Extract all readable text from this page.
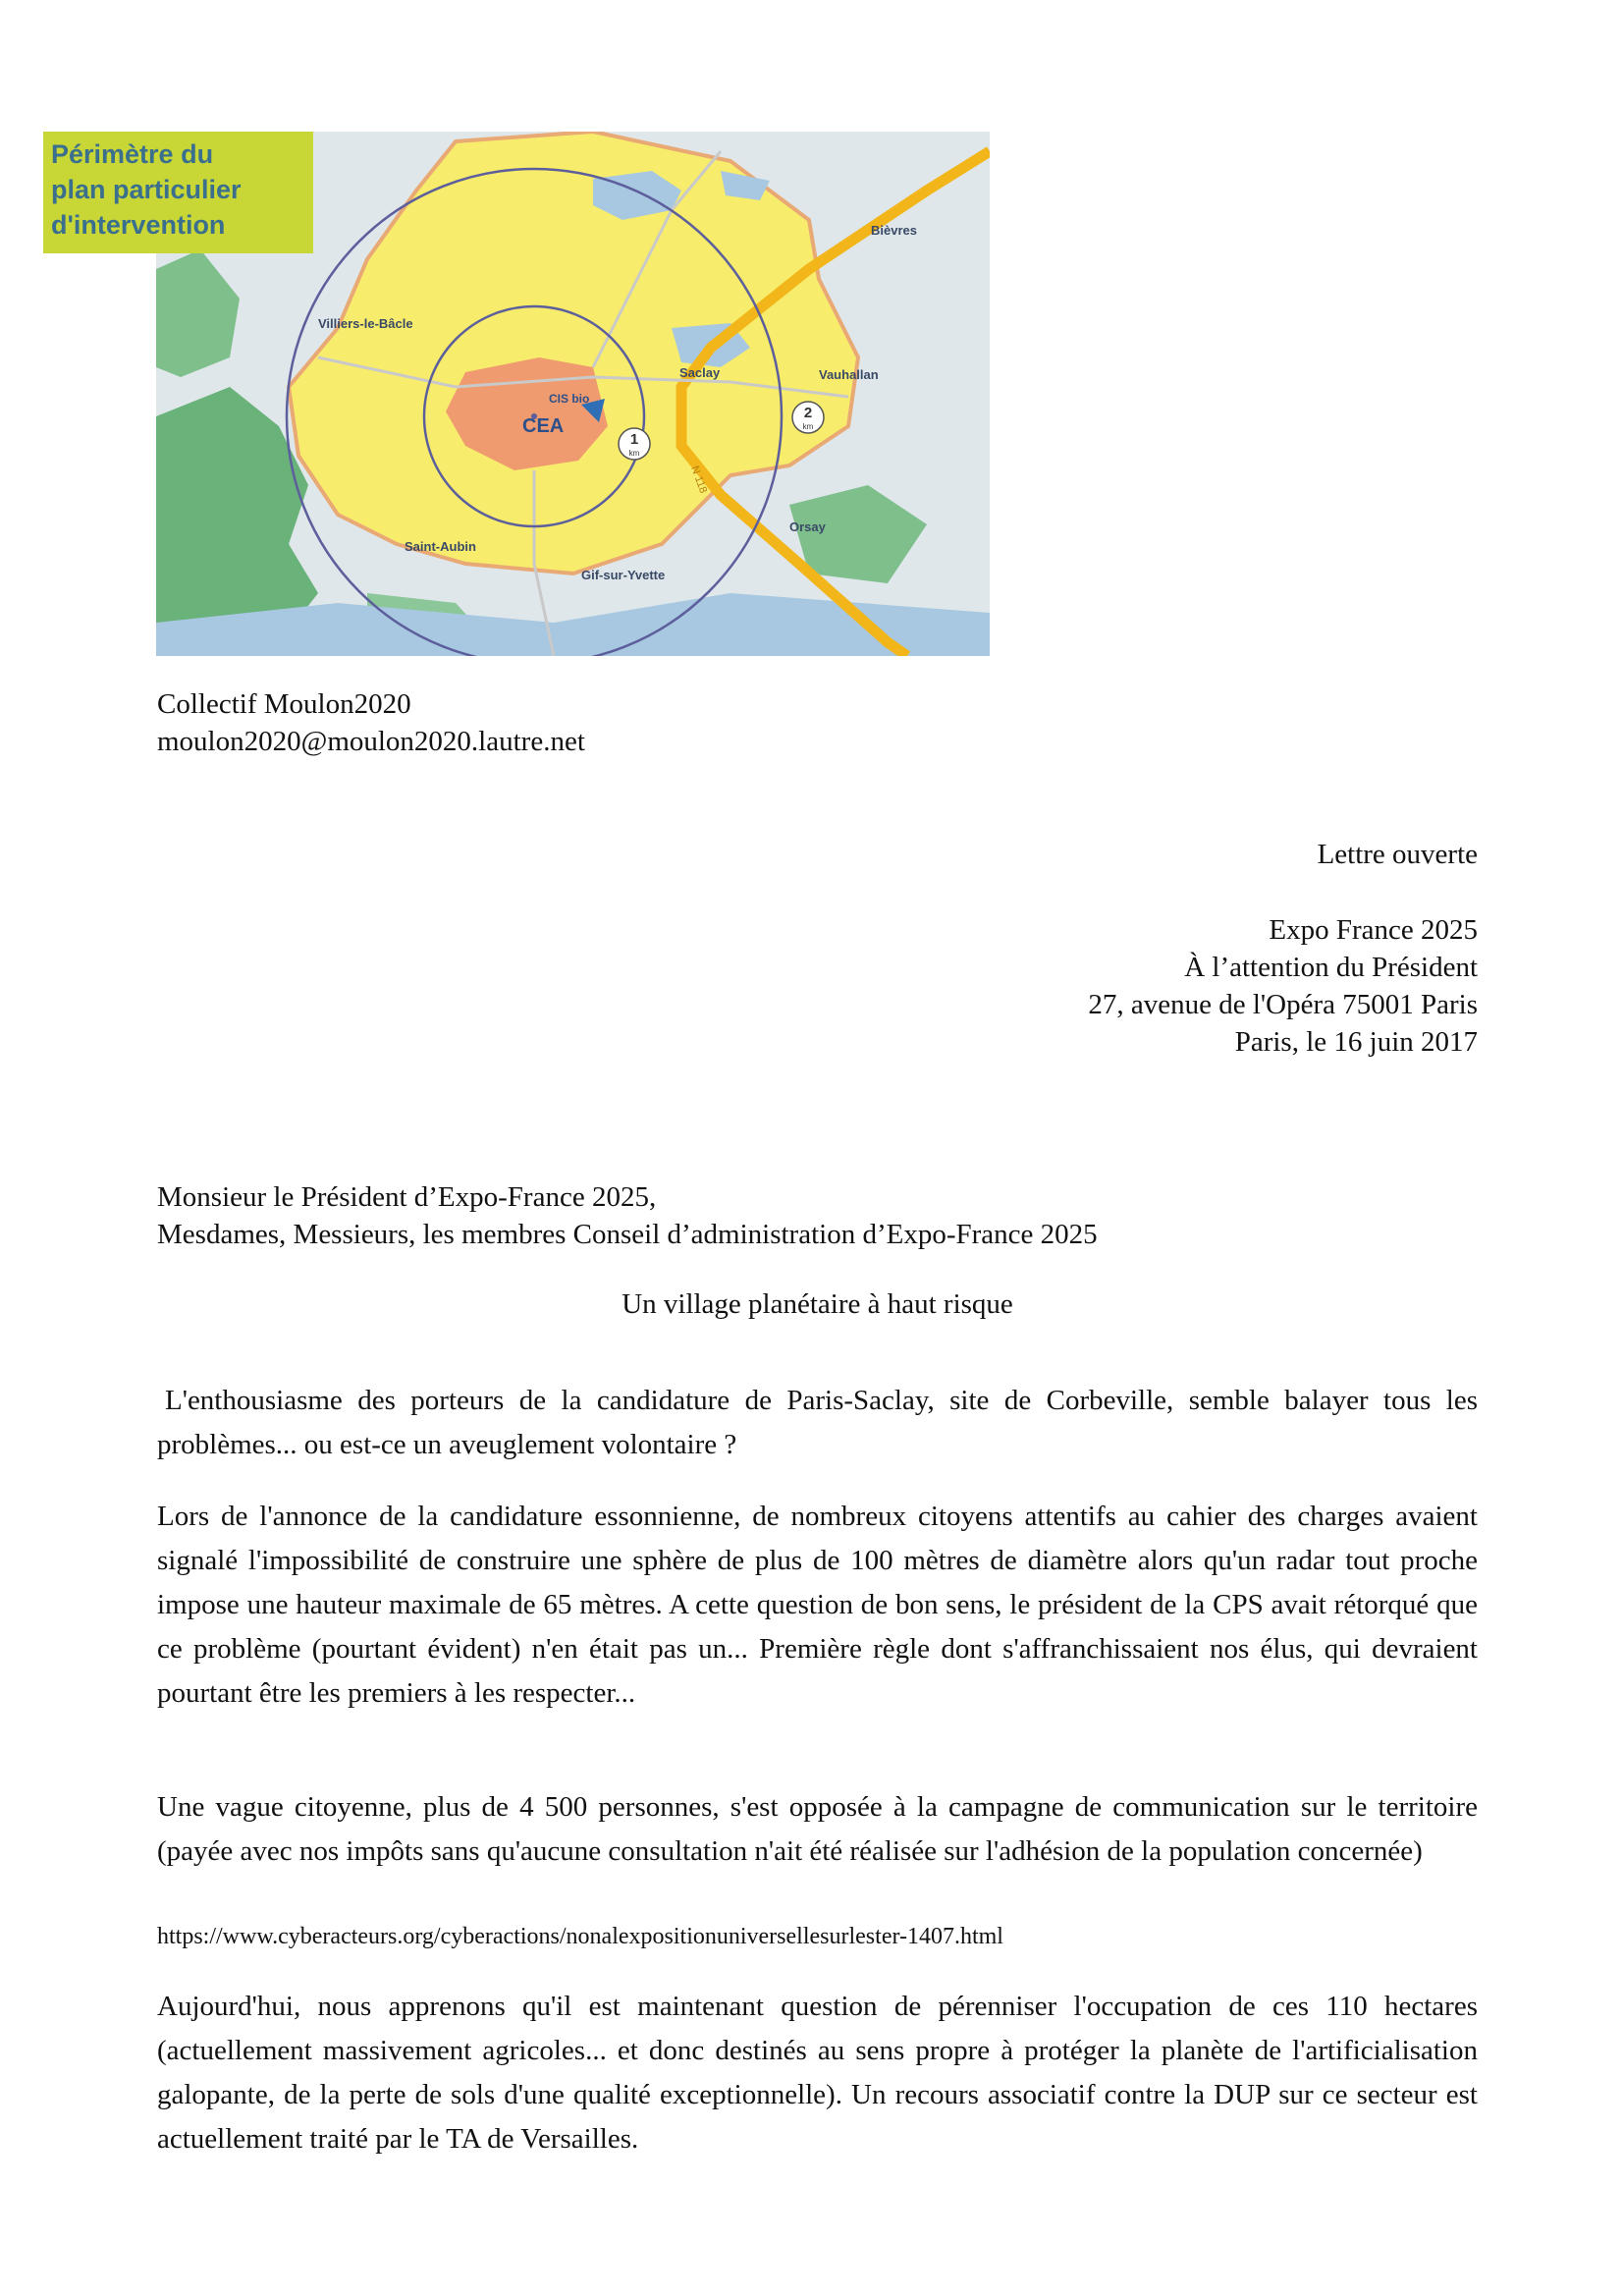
1
km
2
km
Villiers-le-Bâcle
Saclay
Bièvres
Vauhallan
CIS bio
CEA
Orsay
Saint-Aubin
Gif-sur-Yvette
N 118
Périmètre du
plan particulier
d'intervention
Collectif Moulon2020
moulon2020@moulon2020.lautre.net
Lettre ouverte
Expo France 2025
À l’attention du Président
27, avenue de l'Opéra 75001 Paris
Paris, le 16 juin 2017
Monsieur le Président d’Expo-France 2025,
Mesdames, Messieurs, les membres Conseil d’administration d’Expo-France 2025
Un village planétaire à haut risque
L'enthousiasme des porteurs de la candidature de Paris-Saclay, site de Corbeville, semble balayer tous les problèmes... ou est-ce un aveuglement volontaire ?
Lors de l'annonce de la candidature essonnienne, de nombreux citoyens attentifs au cahier des charges avaient signalé l'impossibilité de construire une sphère de plus de 100 mètres de diamètre alors qu'un radar tout proche impose une hauteur maximale de 65 mètres. A cette question de bon sens, le président de la CPS avait rétorqué que ce problème (pourtant évident) n'en était pas un... Première règle dont s'affranchissaient nos élus, qui devraient pourtant être les premiers à les respecter...
Une vague citoyenne, plus de 4 500 personnes, s'est opposée à la campagne de communication sur le territoire (payée avec nos impôts sans qu'aucune consultation n'ait été réalisée sur l'adhésion de la population concernée)
https://www.cyberacteurs.org/cyberactions/nonalexpositionuniversellesurlester-1407.html
Aujourd'hui, nous apprenons qu'il est maintenant question de pérenniser l'occupation de ces 110 hectares (actuellement massivement agricoles... et donc destinés au sens propre à protéger la planète de l'artificialisation galopante, de la perte de sols d'une qualité exceptionnelle). Un recours associatif contre la DUP sur ce secteur est actuellement traité par le TA de Versailles.
